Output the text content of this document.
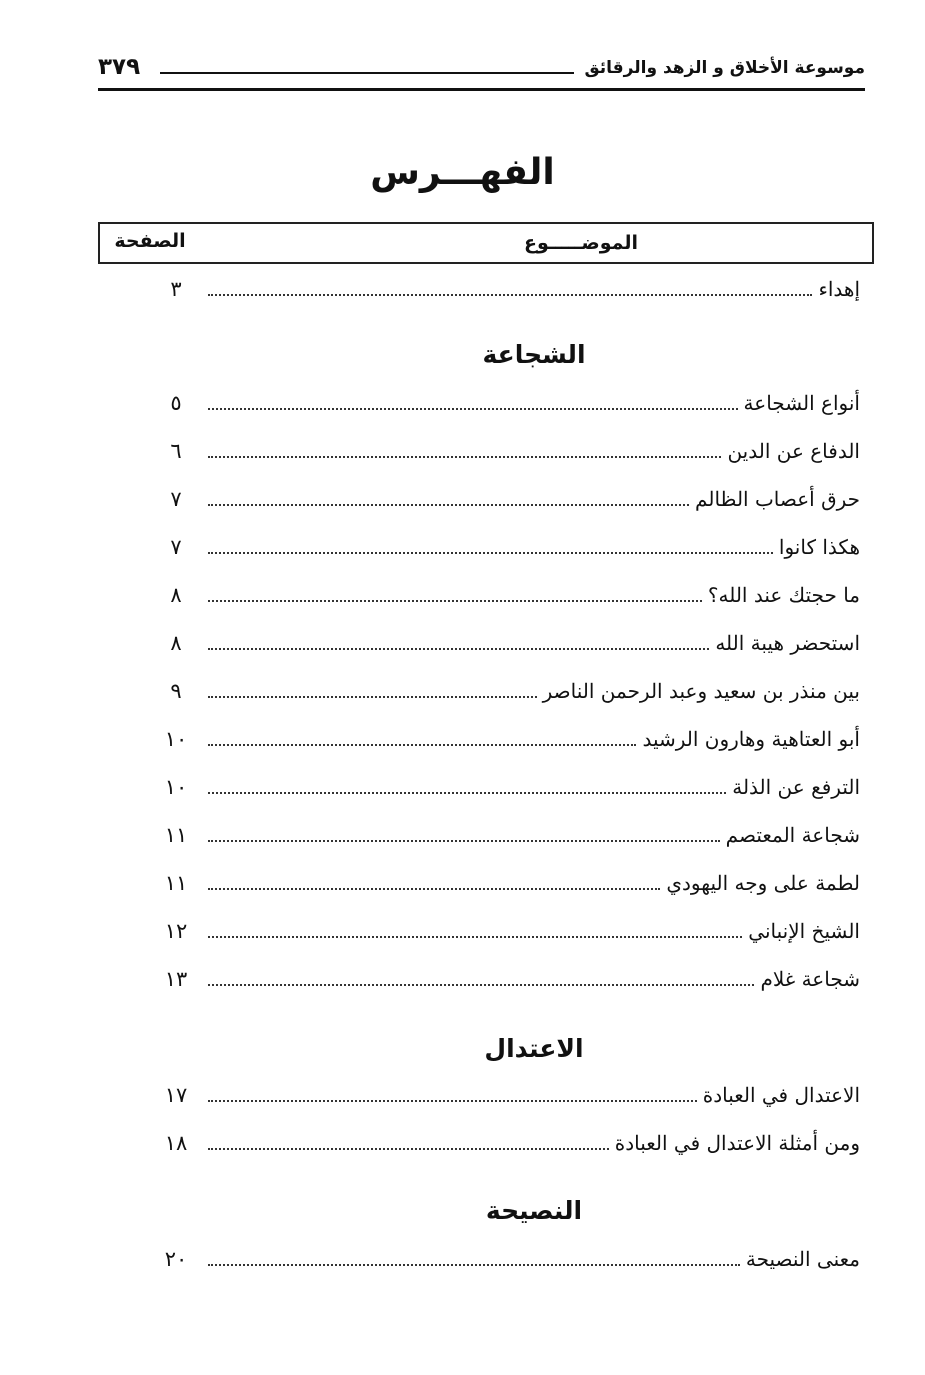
موسوعة الأخلاق و الزهد والرقائق
٣٧٩
الفهـــرس
الموضـــــوع
الصفحة
إهداء
٣
الشجاعة
أنواع الشجاعة
٥
الدفاع عن الدين
٦
حرق أعصاب الظالم
٧
هكذا كانوا
٧
ما حجتك عند الله؟
٨
استحضر هيبة الله
٨
بين منذر بن سعيد وعبد الرحمن الناصر
٩
أبو العتاهية وهارون الرشيد
١٠
الترفع عن الذلة
١٠
شجاعة المعتصم
١١
لطمة على وجه اليهودي
١١
الشيخ الإنباني
١٢
شجاعة غلام
١٣
الاعتدال
الاعتدال في العبادة
١٧
ومن أمثلة الاعتدال في العبادة
١٨
النصيحة
معنى النصيحة
٢٠
